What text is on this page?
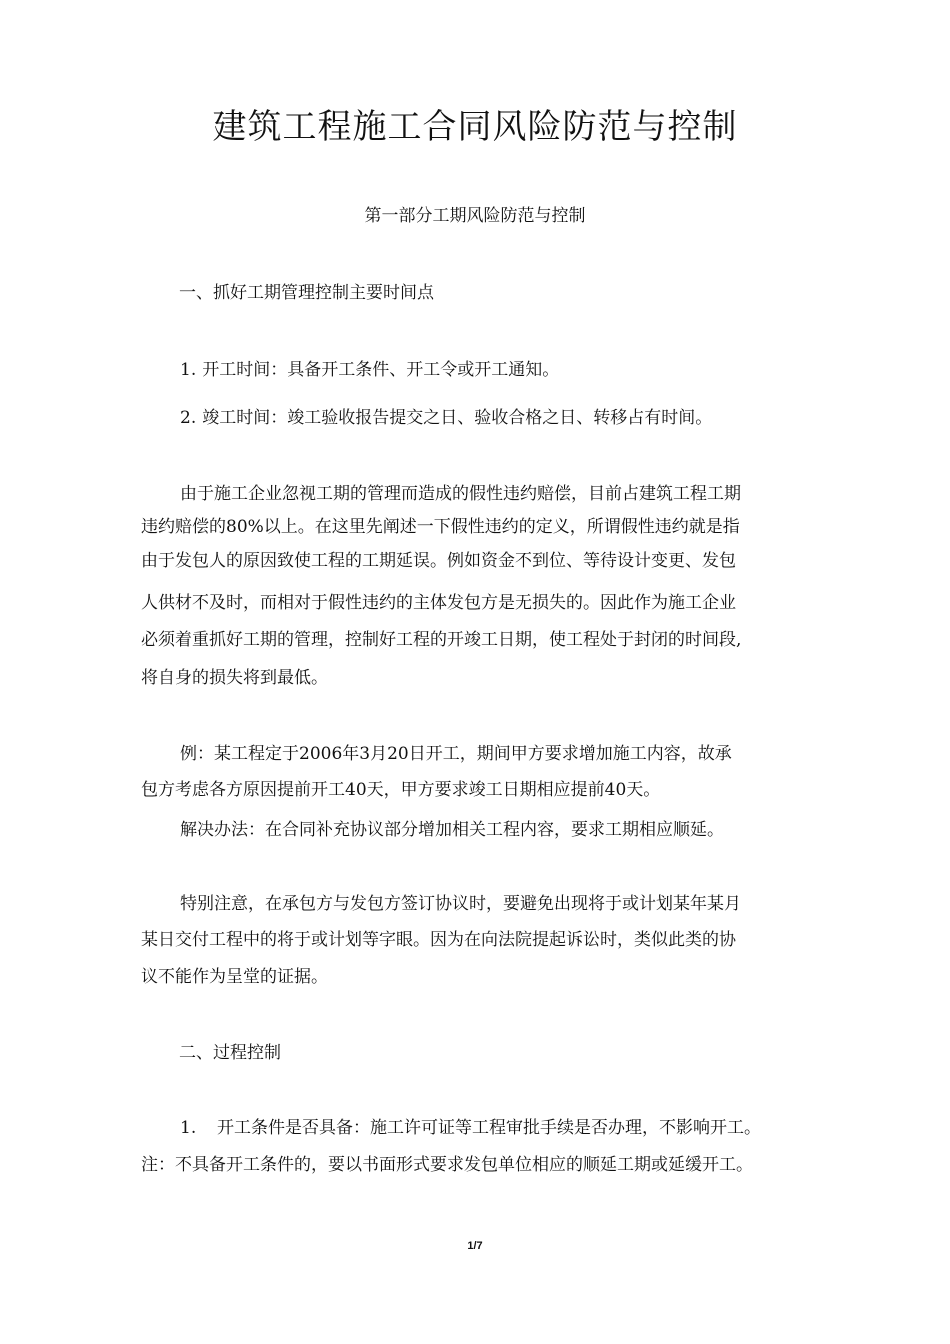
建筑工程施工合同风险防范与控制
第一部分工期风险防范与控制
一、抓好工期管理控制主要时间点
1. 开工时间：具备开工条件、开工令或开工通知。
2. 竣工时间：竣工验收报告提交之日、验收合格之日、转移占有时间。
由于施工企业忽视工期的管理而造成的假性违约赔偿，目前占建筑工程工期
违约赔偿的80%以上。在这里先阐述一下假性违约的定义，所谓假性违约就是指
由于发包人的原因致使工程的工期延误。例如资金不到位、等待设计变更、发包
人供材不及时，而相对于假性违约的主体发包方是无损失的。因此作为施工企业
必须着重抓好工期的管理，控制好工程的开竣工日期，使工程处于封闭的时间段,
将自身的损失将到最低。
例：某工程定于2006年3月20日开工，期间甲方要求增加施工内容，故承
包方考虑各方原因提前开工40天，甲方要求竣工日期相应提前40天。
解决办法：在合同补充协议部分增加相关工程内容，要求工期相应顺延。
特别注意，在承包方与发包方签订协议时，要避免出现将于或计划某年某月
某日交付工程中的将于或计划等字眼。因为在向法院提起诉讼时，类似此类的协
议不能作为呈堂的证据。
二、过程控制
1. 开工条件是否具备：施工许可证等工程审批手续是否办理，不影响开工。
注：不具备开工条件的，要以书面形式要求发包单位相应的顺延工期或延缓开工。
1/7
